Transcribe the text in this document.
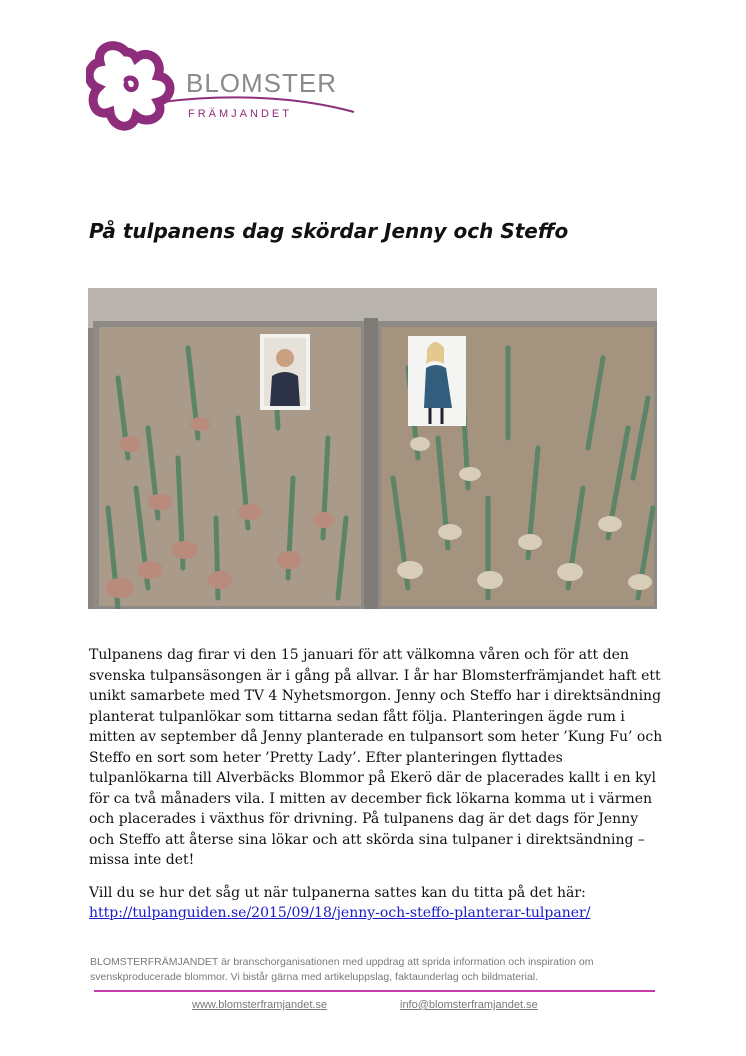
BLOMSTER
FRÄMJANDET
På tulpanens dag skördar Jenny och Steffo

Tulpanens dag firar vi den 15 januari för att välkomna våren och för att den svenska tulpansäsongen är i gång på allvar. I år har Blomsterfrämjandet haft ett unikt samarbete med TV 4 Nyhetsmorgon. Jenny och Steffo har i direktsändning planterat tulpanlökar som tittarna sedan fått följa. Planteringen ägde rum i mitten av september då Jenny planterade en tulpansort som heter ’Kung Fu’ och Steffo en sort som heter ’Pretty Lady’. Efter planteringen flyttades tulpanlökarna till Alverbäcks Blommor på Ekerö där de placerades kallt i en kyl för ca två månaders vila. I mitten av december fick lökarna komma ut i värmen och placerades i växthus för drivning. På tulpanens dag är det dags för Jenny och Steffo att återse sina lökar och att skörda sina tulpaner i direktsändning – missa inte det!

Vill du se hur det såg ut när tulpanerna sattes kan du titta på det här:
http://tulpanguiden.se/2015/09/18/jenny-och-steffo-planterar-tulpaner/

BLOMSTERFRÄMJANDET är branschorganisationen med uppdrag att sprida information och inspiration om svenskproducerade blommor. Vi bistår gärna med artikeluppslag, faktaunderlag och bildmaterial.

www.blomsterframjandet.se	info@blomsterframjandet.se
